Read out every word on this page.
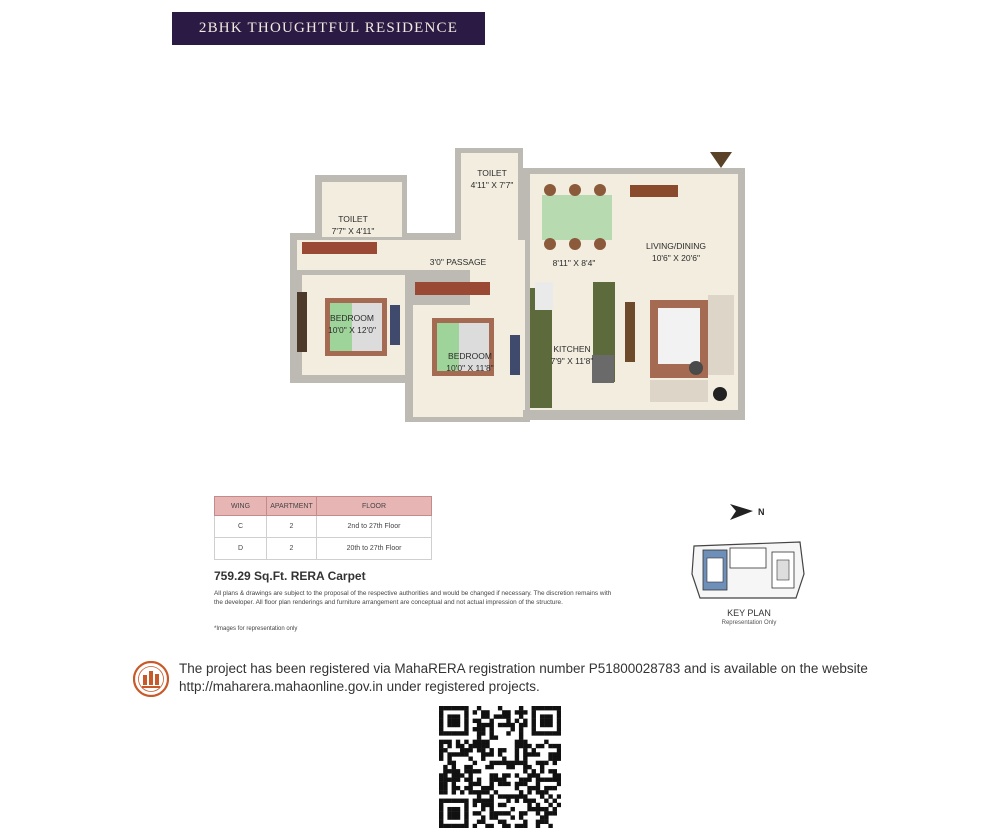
2BHK THOUGHTFUL RESIDENCE
TOILET
4'11" X 7'7"
TOILET
7'7" X 4'11"
3'0" PASSAGE	8'11" X 8'4"
LIVING/DINING
10'6" X 20'6"
BEDROOM
10'0" X 12'0"
BEDROOM
10'0" X 11'8"
KITCHEN
7'9" X 11'8"
WING	APARTMENT	FLOOR
C	2	2nd to 27th Floor
D	2	20th to 27th Floor
759.29 Sq.Ft. RERA Carpet
All plans & drawings are subject to the proposal of the respective authorities and would be changed if necessary. The discretion remains with the developer. All floor plan renderings and furniture arrangement are conceptual and not actual impression of the structure.
*Images for representation only
N
KEY PLAN
Representation Only
The project has been registered via MahaRERA registration number P51800028783 and is available on the website http://maharera.mahaonline.gov.in under registered projects.
